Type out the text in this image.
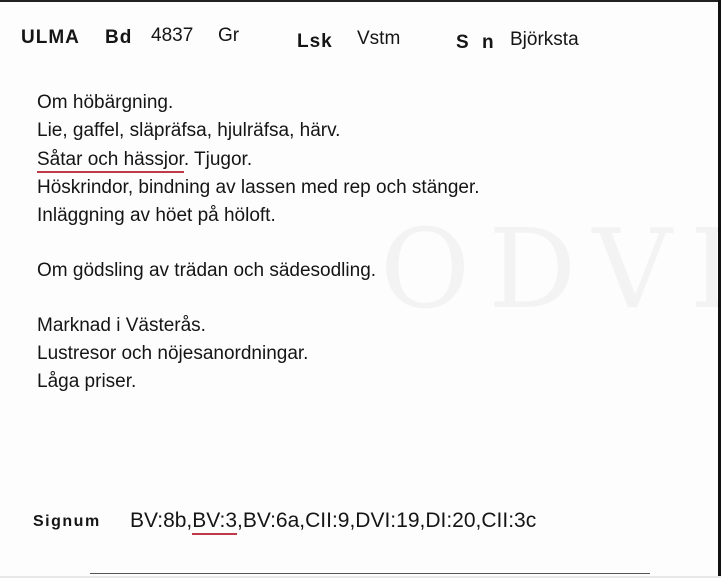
ULMA Bd 4837 Gr	Lsk Vstm	S n Björksta
Om höbärgning.
Lie, gaffel, släpräfsa, hjulräfsa, härv.
Såtar och hässjor. Tjugor.
Höskrindor, bindning av lassen med rep och stänger.
Inläggning av höet på höloft.
Om gödsling av trädan och sädesodling.
Marknad i Västerås.
Lustresor och nöjesanordningar.
Låga priser.
Signum BV:8b,BV:3,BV:6a,CII:9,DVI:19,DI:20,CII:3c
